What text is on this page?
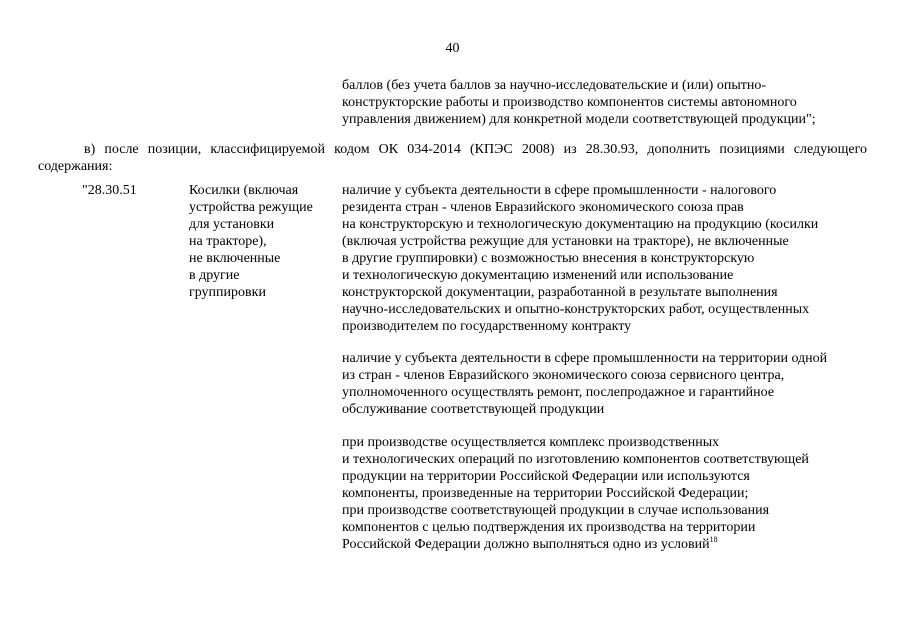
40
баллов (без учета баллов за научно-исследовательские и (или) опытно-
конструкторские работы и производство компонентов системы автономного
управления движением) для конкретной модели соответствующей продукции";
в) после позиции, классифицируемой кодом ОК 034-2014 (КПЭС 2008) из 28.30.93, дополнить позициями следующего
содержания:
"28.30.51	Косилки (включая
устройства режущие
для установки
на тракторе),
не включенные
в другие
группировки
наличие у субъекта деятельности в сфере промышленности - налогового
резидента стран - членов Евразийского экономического союза прав
на конструкторскую и технологическую документацию на продукцию (косилки
(включая устройства режущие для установки на тракторе), не включенные
в другие группировки) с возможностью внесения в конструкторскую
и технологическую документацию изменений или использование
конструкторской документации, разработанной в результате выполнения
научно-исследовательских и опытно-конструкторских работ, осуществленных
производителем по государственному контракту
наличие у субъекта деятельности в сфере промышленности на территории одной
из стран - членов Евразийского экономического союза сервисного центра,
уполномоченного осуществлять ремонт, послепродажное и гарантийное
обслуживание соответствующей продукции
при производстве осуществляется комплекс производственных
и технологических операций по изготовлению компонентов соответствующей
продукции на территории Российской Федерации или используются
компоненты, произведенные на территории Российской Федерации;
при производстве соответствующей продукции в случае использования
компонентов с целью подтверждения их производства на территории
Российской Федерации должно выполняться одно из условий$^{18}$
